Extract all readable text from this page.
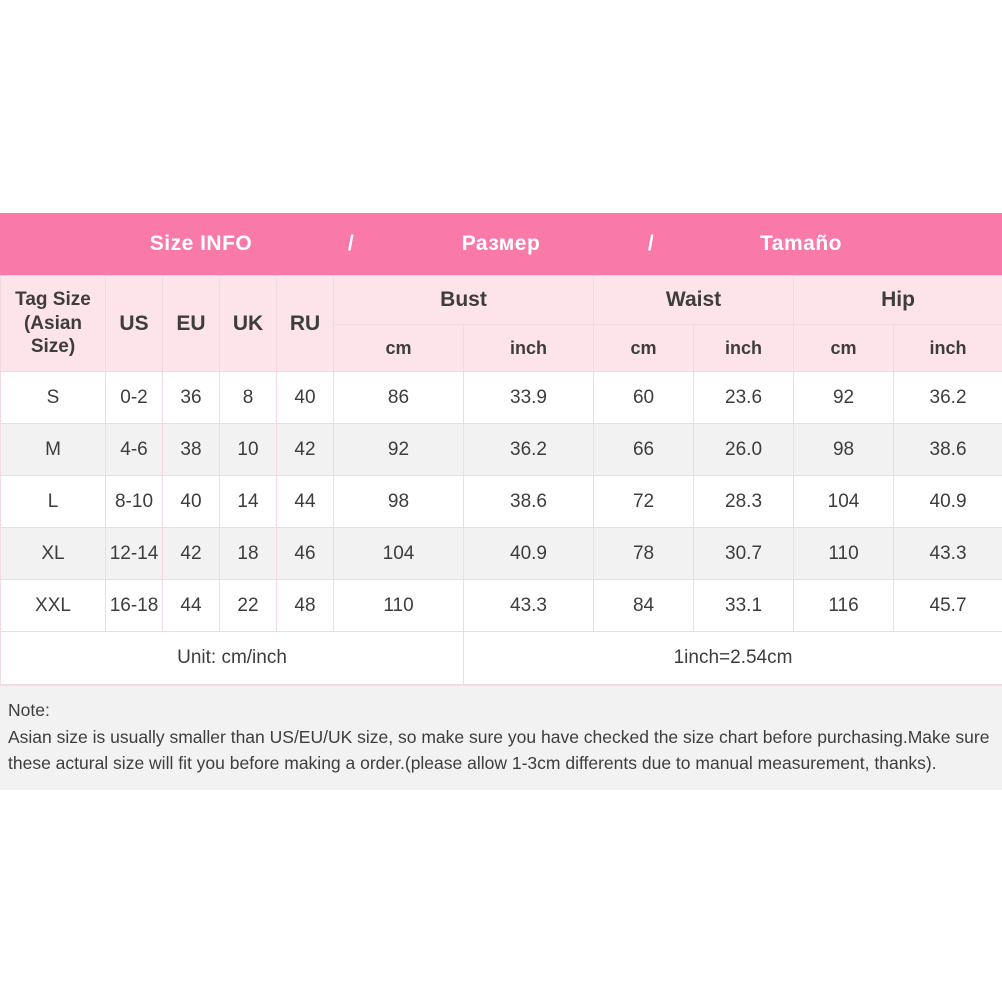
Size INFO	/	Размер	/	Tamaño
Tag Size
(Asian Size)	US	EU	UK	RU	Bust		Waist		Hip	
					cm	inch	cm	inch	cm	inch
S	0-2	36	8	40	86	33.9	60	23.6	92	36.2
M	4-6	38	10	42	92	36.2	66	26.0	98	38.6
L	8-10	40	14	44	98	38.6	72	28.3	104	40.9
XL	12-14	42	18	46	104	40.9	78	30.7	110	43.3
XXL	16-18	44	22	48	110	43.3	84	33.1	116	45.7
Unit: cm/inch						1inch=2.54cm				
Note:
Asian size is usually smaller than US/EU/UK size, so make sure you have checked the size chart before purchasing.Make sure these actural size will fit you before making a order.(please allow 1-3cm differents due to manual measurement, thanks).
